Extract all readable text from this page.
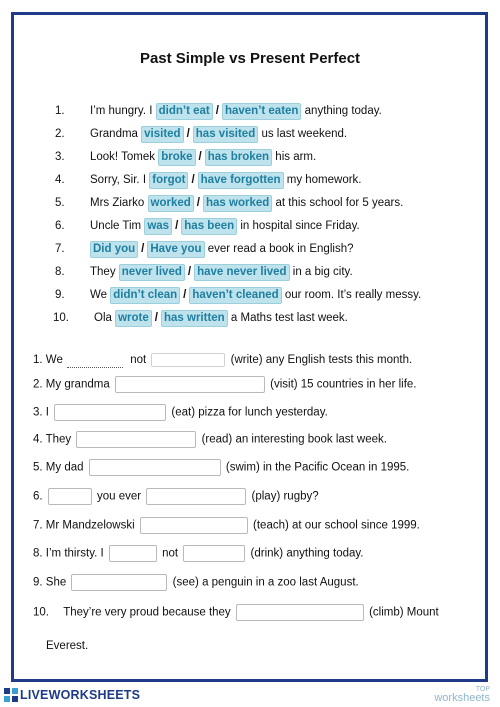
Past Simple vs Present Perfect
1.	I’m hungry. I didn’t eat / haven’t eaten anything today.
2.	Grandma visited / has visited us last weekend.
3.	Look! Tomek broke / has broken his arm.
4.	Sorry, Sir. I forgot / have forgotten my homework.
5.	Mrs Ziarko worked / has worked at this school for 5 years.
6.	Uncle Tim was / has been in hospital since Friday.
7.	Did you / Have you ever read a book in English?
8.	They never lived / have never lived in a big city.
9.	We didn’t clean / haven’t cleaned our room. It’s really messy.
10.	Ola wrote / has written a Maths test last week.
1. We	not	(write) any English tests this month.
2. My grandma	(visit) 15 countries in her life.
3. I	(eat) pizza for lunch yesterday.
4. They	(read) an interesting book last week.
5. My dad	(swim) in the Pacific Ocean in 1995.
6.	you ever	(play) rugby?
7. Mr Mandzelowski	(teach) at our school since 1999.
8. I’m thirsty. I	not	(drink) anything today.
9. She	(see) a penguin in a zoo last August.
10. They’re very proud because they	(climb) Mount
Everest.
LIVEWORKSHEETS	TOP
worksheets
